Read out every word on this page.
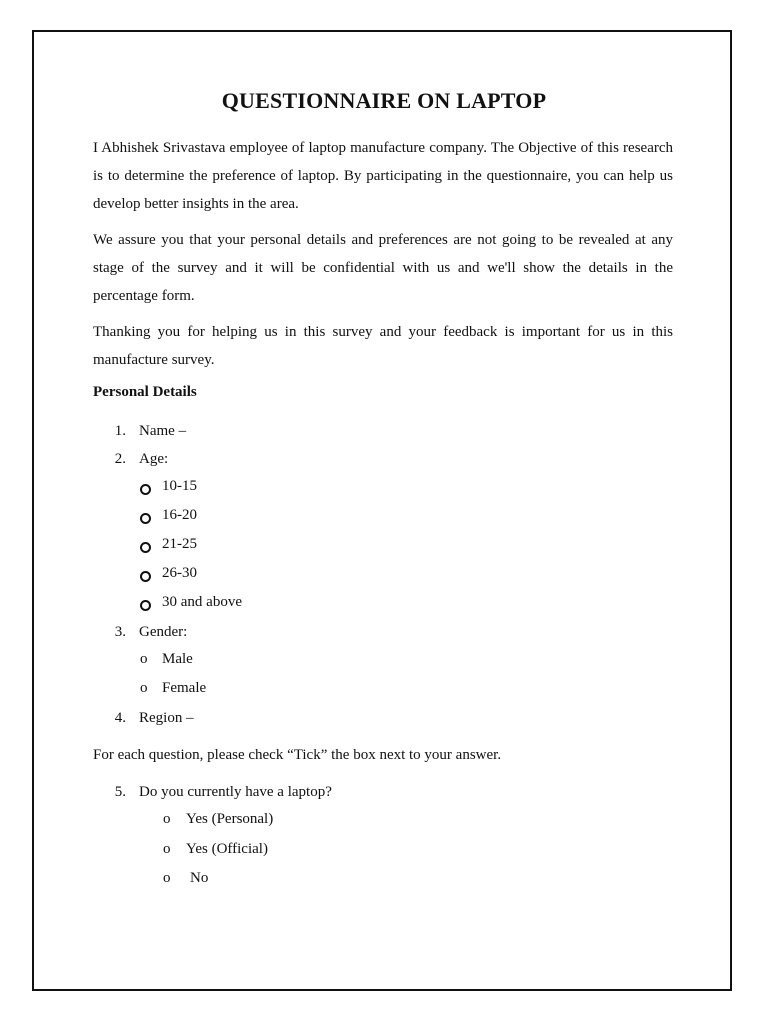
QUESTIONNAIRE ON LAPTOP

I Abhishek Srivastava employee of laptop manufacture company. The Objective of this research is to determine the preference of laptop. By participating in the questionnaire, you can help us develop better insights in the area.

We assure you that your personal details and preferences are not going to be revealed at any stage of the survey and it will be confidential with us and we'll show the details in the percentage form.

Thanking you for helping us in this survey and your feedback is important for us in this manufacture survey.

Personal Details
1. Name –
2. Age:
10-15
16-20
21-25
26-30
30 and above
3. Gender:
o Male
o Female
4. Region –
For each question, please check “Tick” the box next to your answer.
5. Do you currently have a laptop?
o Yes (Personal)
o Yes (Official)
o No
